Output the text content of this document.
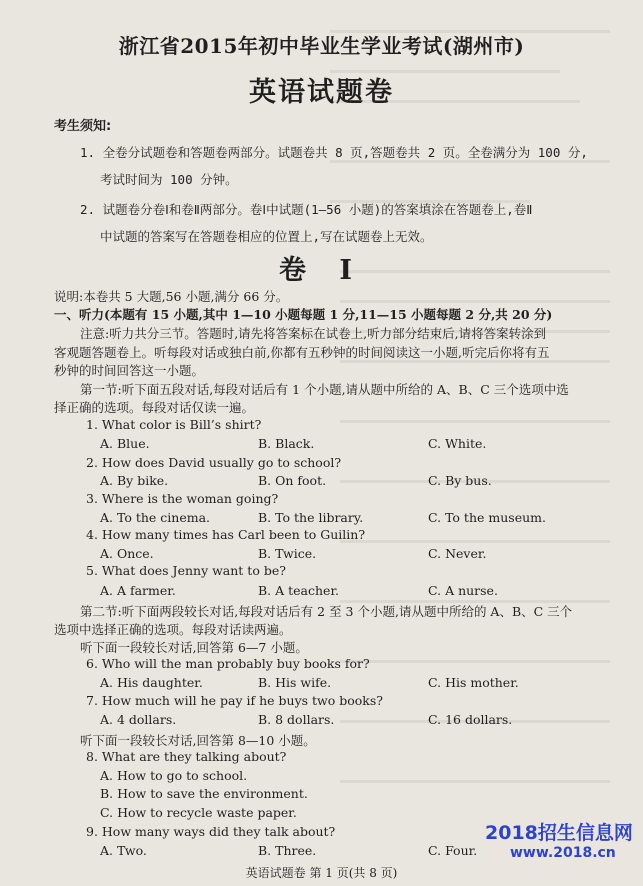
浙江省2015年初中毕业生学业考试(湖州市)
英语试题卷
考生须知:
1. 全卷分试题卷和答题卷两部分。试题卷共 8 页,答题卷共 2 页。全卷满分为 100 分,
考试时间为 100 分钟。
2. 试题卷分卷Ⅰ和卷Ⅱ两部分。卷Ⅰ中试题(1—56 小题)的答案填涂在答题卷上,卷Ⅱ
中试题的答案写在答题卷相应的位置上,写在试题卷上无效。
卷 I
说明:本卷共 5 大题,56 小题,满分 66 分。
一、听力(本题有 15 小题,其中 1—10 小题每题 1 分,11—15 小题每题 2 分,共 20 分)
注意:听力共分三节。答题时,请先将答案标在试卷上,听力部分结束后,请将答案转涂到
客观题答题卷上。听每段对话或独白前,你都有五秒钟的时间阅读这一小题,听完后你将有五
秒钟的时间回答这一小题。
第一节:听下面五段对话,每段对话后有 1 个小题,请从题中所给的 A、B、C 三个选项中选
择正确的选项。每段对话仅读一遍。
1. What color is Bill’s shirt?
A. Blue.	B. Black.	C. White.
2. How does David usually go to school?
A. By bike.	B. On foot.	C. By bus.
3. Where is the woman going?
A. To the cinema.	B. To the library.	C. To the museum.
4. How many times has Carl been to Guilin?
A. Once.	B. Twice.	C. Never.
5. What does Jenny want to be?
A. A farmer.	B. A teacher.	C. A nurse.
第二节:听下面两段较长对话,每段对话后有 2 至 3 个小题,请从题中所给的 A、B、C 三个
选项中选择正确的选项。每段对话读两遍。
听下面一段较长对话,回答第 6—7 小题。
6. Who will the man probably buy books for?
A. His daughter.	B. His wife.	C. His mother.
7. How much will he pay if he buys two books?
A. 4 dollars.	B. 8 dollars.	C. 16 dollars.
听下面一段较长对话,回答第 8—10 小题。
8. What are they talking about?
A. How to go to school.
B. How to save the environment.
C. How to recycle waste paper.
9. How many ways did they talk about?
A. Two.	B. Three.	C. Four.
英语试题卷 第 1 页(共 8 页)
2018招生信息网
www.2018.cn
